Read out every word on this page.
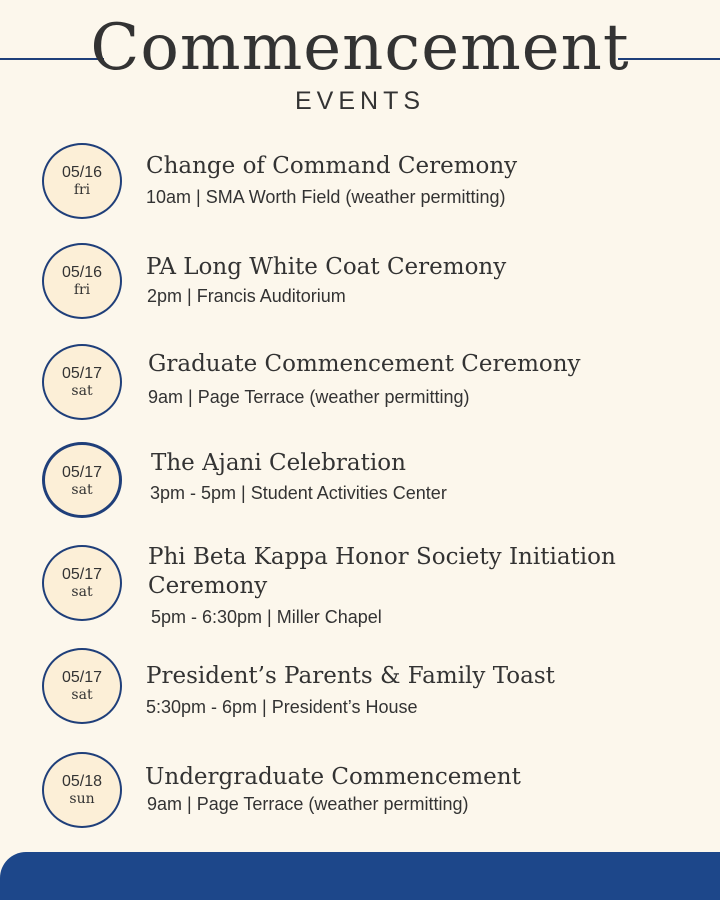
Commencement
EVENTS
05/16
fri
Change of Command Ceremony
10am | SMA Worth Field (weather permitting)
05/16
fri
PA Long White Coat Ceremony
2pm | Francis Auditorium
05/17
sat
Graduate Commencement Ceremony
9am | Page Terrace (weather permitting)
05/17
sat
The Ajani Celebration
3pm - 5pm | Student Activities Center
05/17
sat
Phi Beta Kappa Honor Society Initiation Ceremony
5pm - 6:30pm | Miller Chapel
05/17
sat
President’s Parents & Family Toast
5:30pm - 6pm | President’s House
05/18
sun
Undergraduate Commencement
9am | Page Terrace (weather permitting)
